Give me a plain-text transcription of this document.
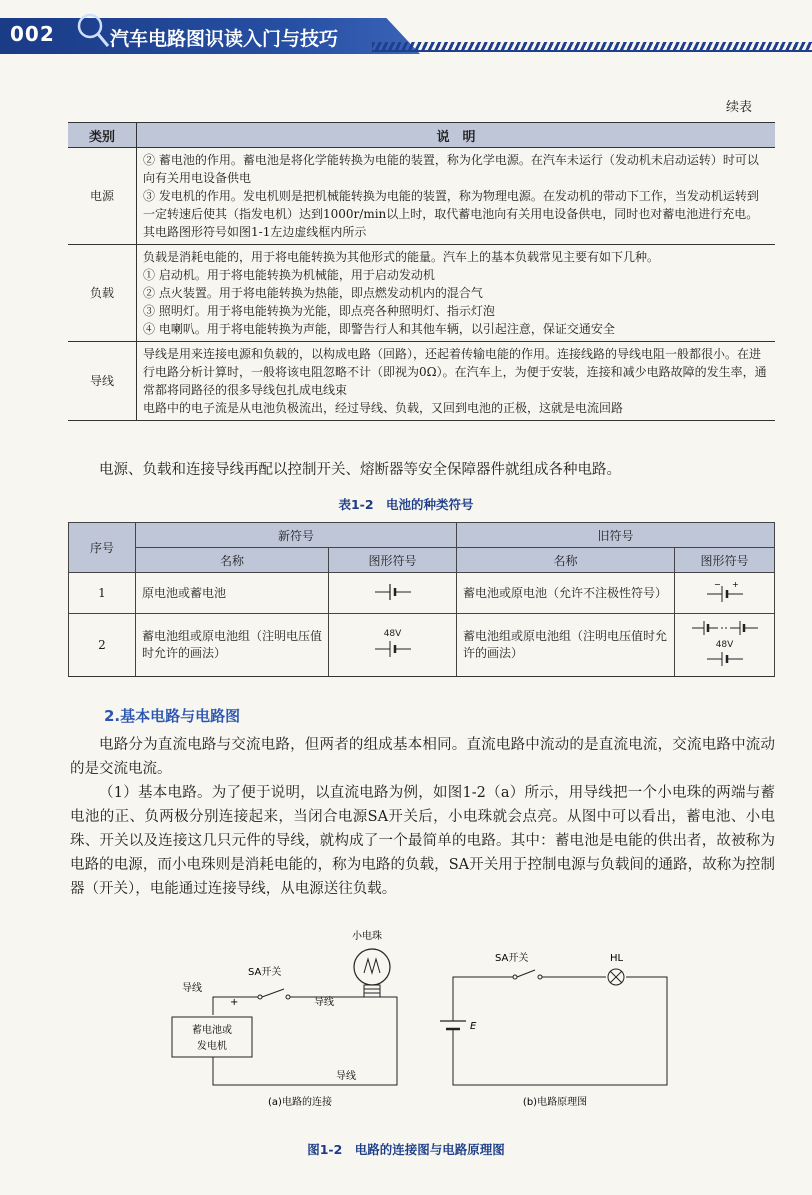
002	汽车电路图识读入门与技巧
续表
类别	说　明
电源	② 蓄电池的作用。蓄电池是将化学能转换为电能的装置，称为化学电源。在汽车未运行（发动机未启动运转）时可以向有关用电设备供电
③ 发电机的作用。发电机则是把机械能转换为电能的装置，称为物理电源。在发动机的带动下工作，当发动机运转到一定转速后使其（指发电机）达到1000r/min以上时，取代蓄电池向有关用电设备供电，同时也对蓄电池进行充电。其电路图形符号如图1-1左边虚线框内所示

负载	负载是消耗电能的，用于将电能转换为其他形式的能量。汽车上的基本负载常见主要有如下几种。
① 启动机。用于将电能转换为机械能，用于启动发动机
② 点火装置。用于将电能转换为热能，即点燃发动机内的混合气
③ 照明灯。用于将电能转换为光能，即点亮各种照明灯、指示灯泡
④ 电喇叭。用于将电能转换为声能，即警告行人和其他车辆，以引起注意，保证交通安全

导线	导线是用来连接电源和负载的，以构成电路（回路），还起着传输电能的作用。连接线路的导线电阻一般都很小。在进行电路分析计算时，一般将该电阻忽略不计（即视为0Ω）。在汽车上，为便于安装，连接和减少电路故障的发生率，通常都将同路径的很多导线包扎成电线束
电路中的电子流是从电池负极流出，经过导线、负载，又回到电池的正极，这就是电流回路
电源、负载和连接导线再配以控制开关、熔断器等安全保障器件就组成各种电路。
表1-2　电池的种类符号
序号	新符号		旧符号	
	名称	图形符号	名称	图形符号
1	原电池或蓄电池		蓄电池或原电池（允许不注极性符号）	− +

2	蓄电池组或原电池组（注明电压值时允许的画法）	48V	蓄电池组或原电池组（注明电压值时允许的画法）	48V
2.基本电路与电路图
电路分为直流电路与交流电路，但两者的组成基本相同。直流电路中流动的是直流电流，交流电路中流动的是交流电流。
（1）基本电路。为了便于说明，以直流电路为例，如图1-2（a）所示，用导线把一个小电珠的两端与蓄电池的正、负两极分别连接起来，当闭合电源SA开关后，小电珠就会点亮。从图中可以看出，蓄电池、小电珠、开关以及连接这几只元件的导线，就构成了一个最简单的电路。其中：蓄电池是电能的供出者，故被称为电路的电源，而小电珠则是消耗电能的，称为电路的负载，SA开关用于控制电源与负载间的通路，故称为控制器（开关），电能通过连接导线，从电源送往负载。
小电珠
SA开关
导线
导线
+
蓄电池或
发电机
导线
(a)电路的连接
SA开关	HL
E
(b)电路原理图
图1-2　电路的连接图与电路原理图
